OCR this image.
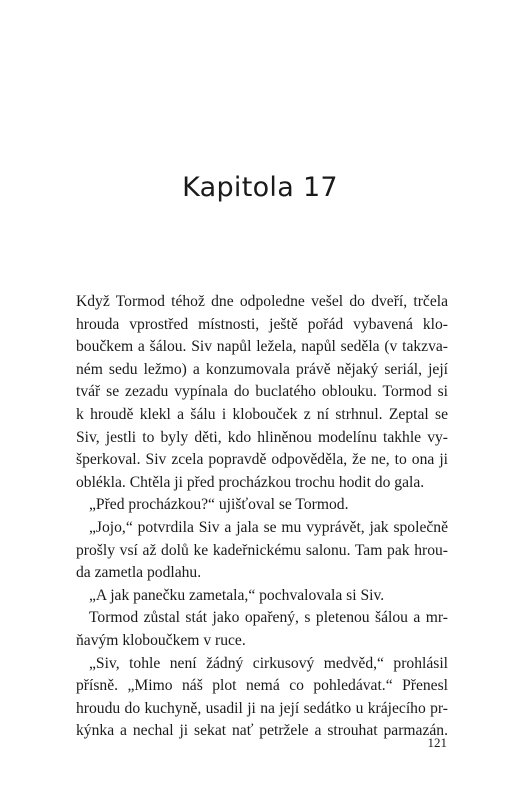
Kapitola 17
Když Tormod téhož dne odpoledne vešel do dveří, trčela
hrouda vprostřed místnosti, ještě pořád vybavená klo-
boučkem a šálou. Siv napůl ležela, napůl seděla (v takzva-
ném sedu ležmo) a konzumovala právě nějaký seriál, její
tvář se zezadu vypínala do buclatého oblouku. Tormod si
k hroudě klekl a šálu i klobouček z ní strhnul. Zeptal se
Siv, jestli to byly děti, kdo hliněnou modelínu takhle vy-
šperkoval. Siv zcela popravdě odpověděla, že ne, to ona ji
oblékla. Chtěla ji před procházkou trochu hodit do gala.
„Před procházkou?“ ujišťoval se Tormod.
„Jojo,“ potvrdila Siv a jala se mu vyprávět, jak společně
prošly vsí až dolů ke kadeřnickému salonu. Tam pak hrou-
da zametla podlahu.
„A jak panečku zametala,“ pochvalovala si Siv.
Tormod zůstal stát jako opařený, s pletenou šálou a mr-
ňavým kloboučkem v ruce.
„Siv, tohle není žádný cirkusový medvěd,“ prohlásil
přísně. „Mimo náš plot nemá co pohledávat.“ Přenesl
hroudu do kuchyně, usadil ji na její sedátko u krájecího pr-
kýnka a nechal ji sekat nať petržele a strouhat parmazán.
121
